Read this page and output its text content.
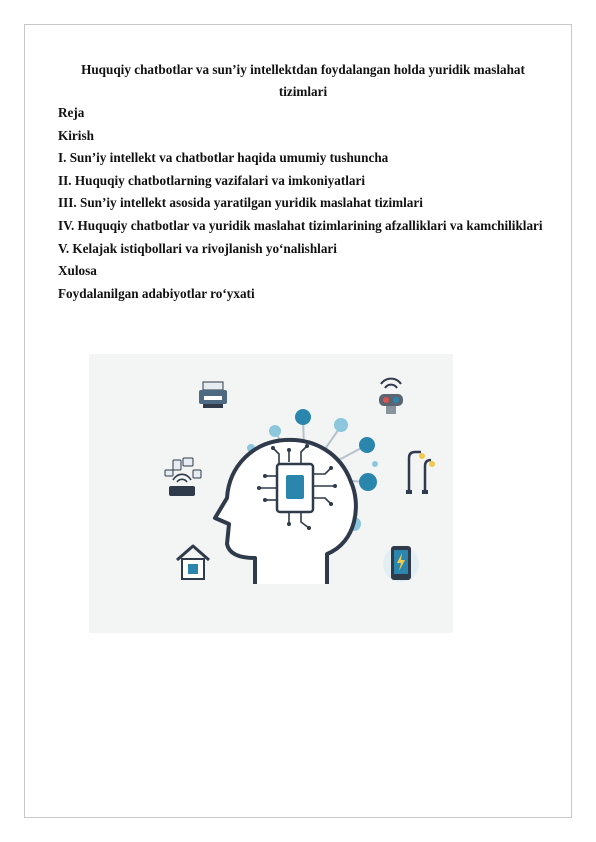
Huquqiy chatbotlar va sun’iy intellektdan foydalangan holda yuridik maslahat tizimlari
Reja
Kirish
I. Sun’iy intellekt va chatbotlar haqida umumiy tushuncha
II. Huquqiy chatbotlarning vazifalari va imkoniyatlari
III. Sun’iy intellekt asosida yaratilgan yuridik maslahat tizimlari
IV. Huquqiy chatbotlar va yuridik maslahat tizimlarining afzalliklari va kamchiliklari
V. Kelajak istiqbollari va rivojlanish yo‘nalishlari
Xulosa
Foydalanilgan adabiyotlar ro‘yxati
